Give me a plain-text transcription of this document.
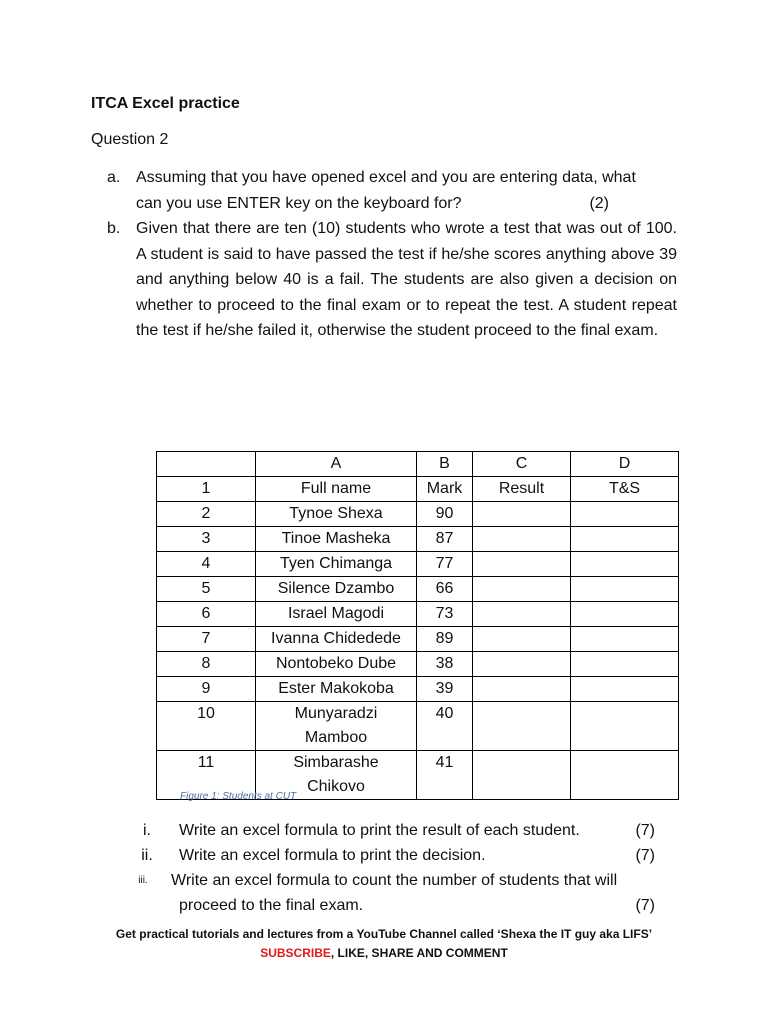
ITCA Excel practice
Question 2
a. Assuming that you have opened excel and you are entering data, what
can you use ENTER key on the keyboard for?	(2)
b. Given that there are ten (10) students who wrote a test that was out of 100. A student is said to have passed the test if he/she scores anything above 39 and anything below 40 is a fail. The students are also given a decision on whether to proceed to the final exam or to repeat the test. A student repeat the test if he/she failed it, otherwise the student proceed to the final exam.
	A	B	C	D
1	Full name	Mark	Result	T&S
2	Tynoe Shexa	90		
3	Tinoe Masheka	87		
4	Tyen Chimanga	77		
5	Silence Dzambo	66		
6	Israel Magodi	73		
7	Ivanna Chidedede	89		
8	Nontobeko Dube	38		
9	Ester Makokoba	39		
10	Munyaradzi Mamboo	40		
11	Simbarashe Chikovo	41		
Figure 1: Students at CUT
i.	Write an excel formula to print the result of each student.	(7)
ii.	Write an excel formula to print the decision.	(7)
iii.	Write an excel formula to count the number of students that will
proceed to the final exam.	(7)
Get practical tutorials and lectures from a YouTube Channel called ‘Shexa the IT guy aka LIFS’
SUBSCRIBE, LIKE, SHARE AND COMMENT
